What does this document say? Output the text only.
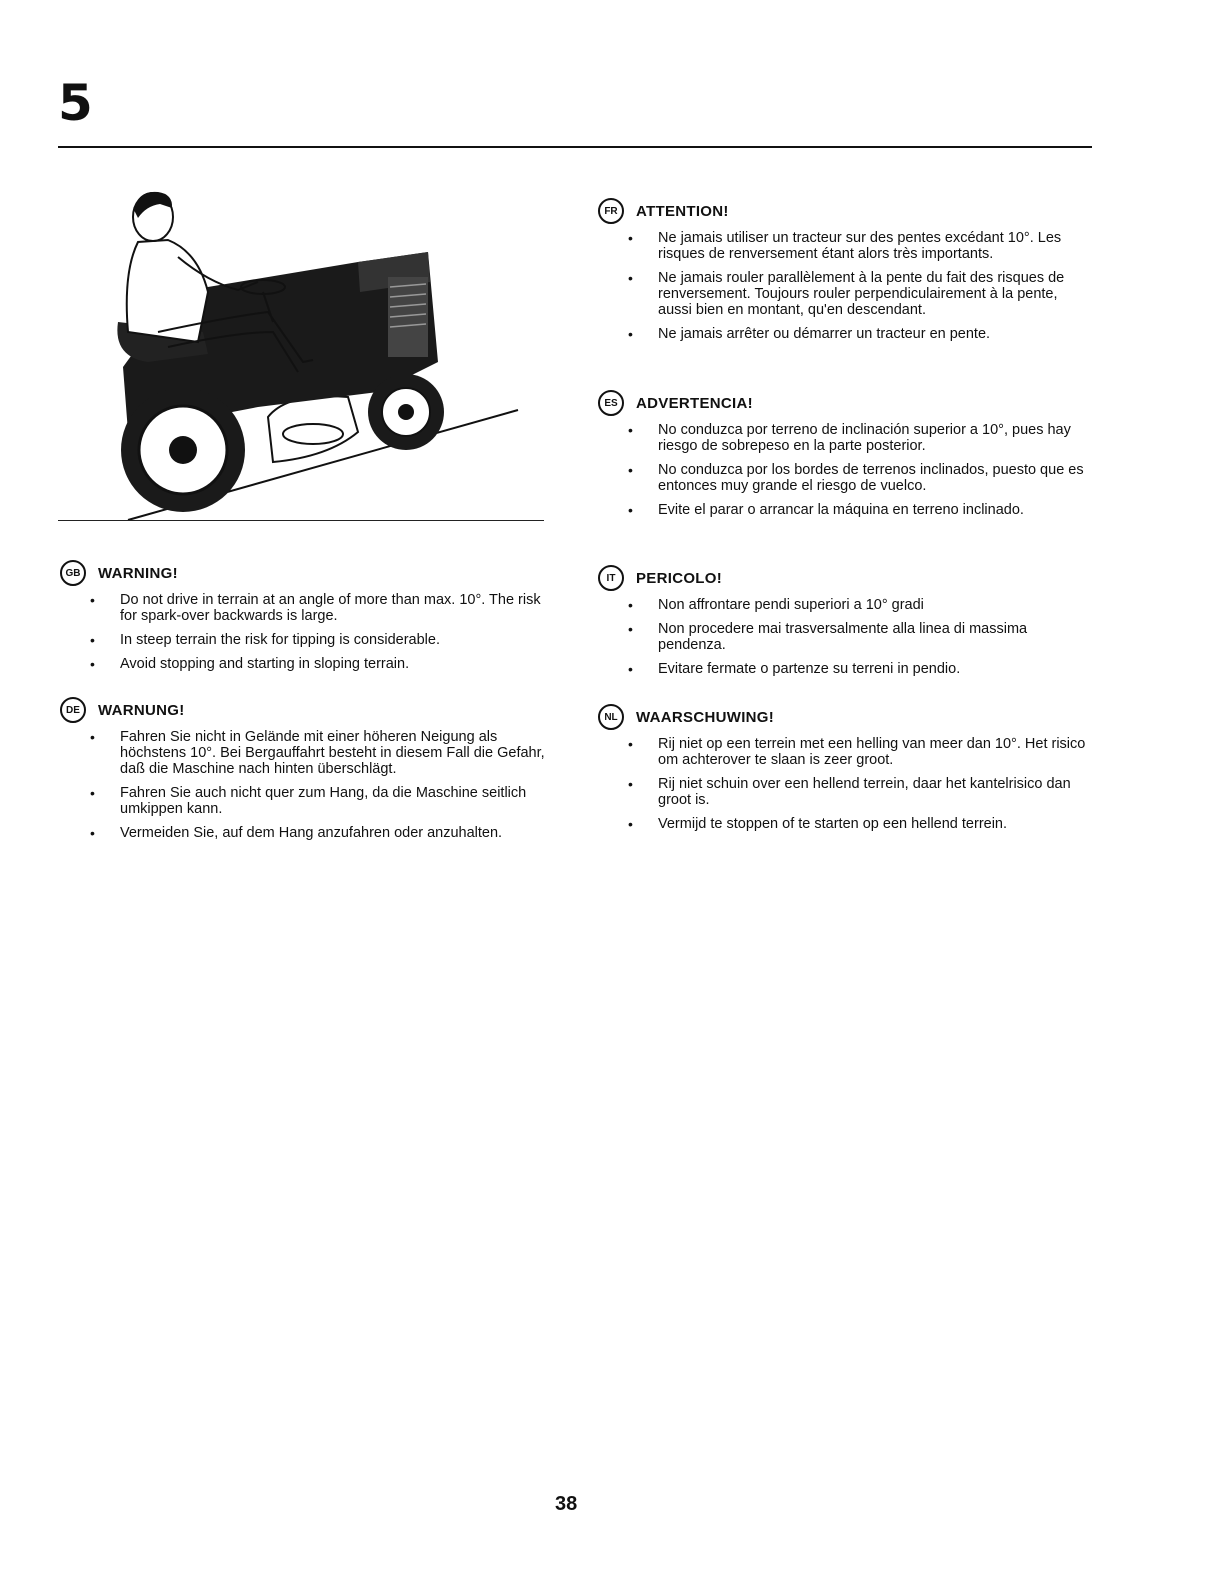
5
GB	WARNING!
• Do not drive in terrain at an angle of more than max. 10°. The risk for spark-over backwards is large.
• In steep terrain the risk for tipping is considerable.
• Avoid stopping and starting in sloping terrain.
DE	WARNUNG!
• Fahren Sie nicht in Gelände mit einer höheren Neigung als höchstens 10°. Bei Bergauffahrt besteht in diesem Fall die Gefahr, daß die Maschine nach hinten überschlägt.
• Fahren Sie auch nicht quer zum Hang, da die Maschine seitlich umkippen kann.
• Vermeiden Sie, auf dem Hang anzufahren oder anzuhalten.
FR	ATTENTION!
• Ne jamais utiliser un tracteur sur des pentes excédant 10°. Les risques de renversement étant alors très importants.
• Ne jamais rouler parallèlement à la pente du fait des risques de renversement. Toujours rouler perpendiculairement à la pente, aussi bien en montant, qu'en descendant.
• Ne jamais arrêter ou démarrer un tracteur en pente.
ES	ADVERTENCIA!
• No conduzca por terreno de inclinación superior a 10°, pues hay riesgo de sobrepeso en la parte posterior.
• No conduzca por los bordes de terrenos inclinados, puesto que es entonces muy grande el riesgo de vuelco.
• Evite el parar o arrancar la máquina en terreno inclinado.
IT	PERICOLO!
• Non affrontare pendi superiori a 10° gradi
• Non procedere mai trasversalmente alla linea di massima pendenza.
• Evitare fermate o partenze su terreni in pendio.
NL	WAARSCHUWING!
• Rij niet op een terrein met een helling van meer dan 10°. Het risico om achterover te slaan is zeer groot.
• Rij niet schuin over een hellend terrein, daar het kantelrisico dan groot is.
• Vermijd te stoppen of te starten op een hellend terrein.
38
